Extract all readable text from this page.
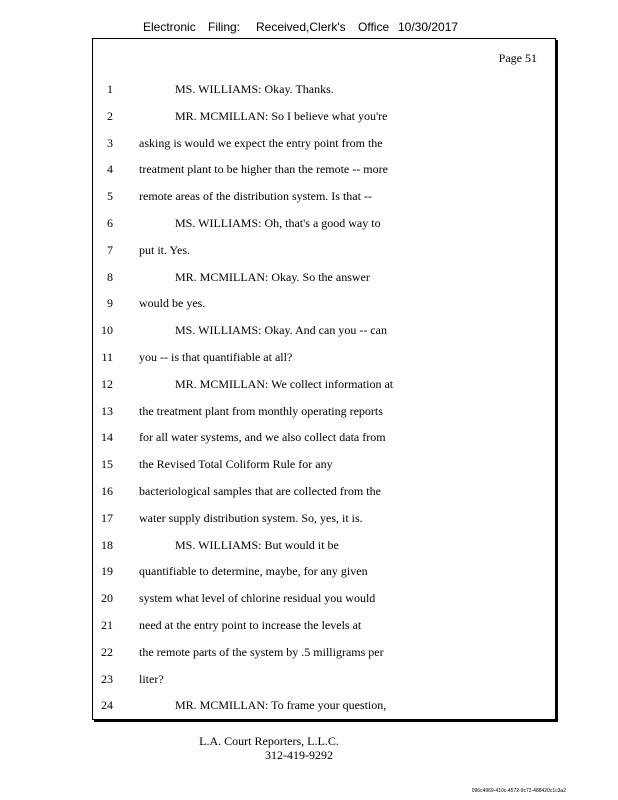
Electronic Filing: Received,Clerk's Office 10/30/2017
Page 51
1	MS. WILLIAMS: Okay. Thanks.
2	MR. MCMILLAN: So I believe what you're
3 asking is would we expect the entry point from the
4 treatment plant to be higher than the remote -- more
5 remote areas of the distribution system. Is that --
6	MS. WILLIAMS: Oh, that's a good way to
7 put it. Yes.
8	MR. MCMILLAN: Okay. So the answer
9 would be yes.
10	MS. WILLIAMS: Okay. And can you -- can
11 you -- is that quantifiable at all?
12	MR. MCMILLAN: We collect information at
13 the treatment plant from monthly operating reports
14 for all water systems, and we also collect data from
15 the Revised Total Coliform Rule for any
16 bacteriological samples that are collected from the
17 water supply distribution system. So, yes, it is.
18	MS. WILLIAMS: But would it be
19 quantifiable to determine, maybe, for any given
20 system what level of chlorine residual you would
21 need at the entry point to increase the levels at
22 the remote parts of the system by .5 milligrams per
23 liter?
24	MR. MCMILLAN: To frame your question,
L.A. Court Reporters, L.L.C.
312-419-9292
096c4969-410c-4572-9c72-488420c1c3a2
